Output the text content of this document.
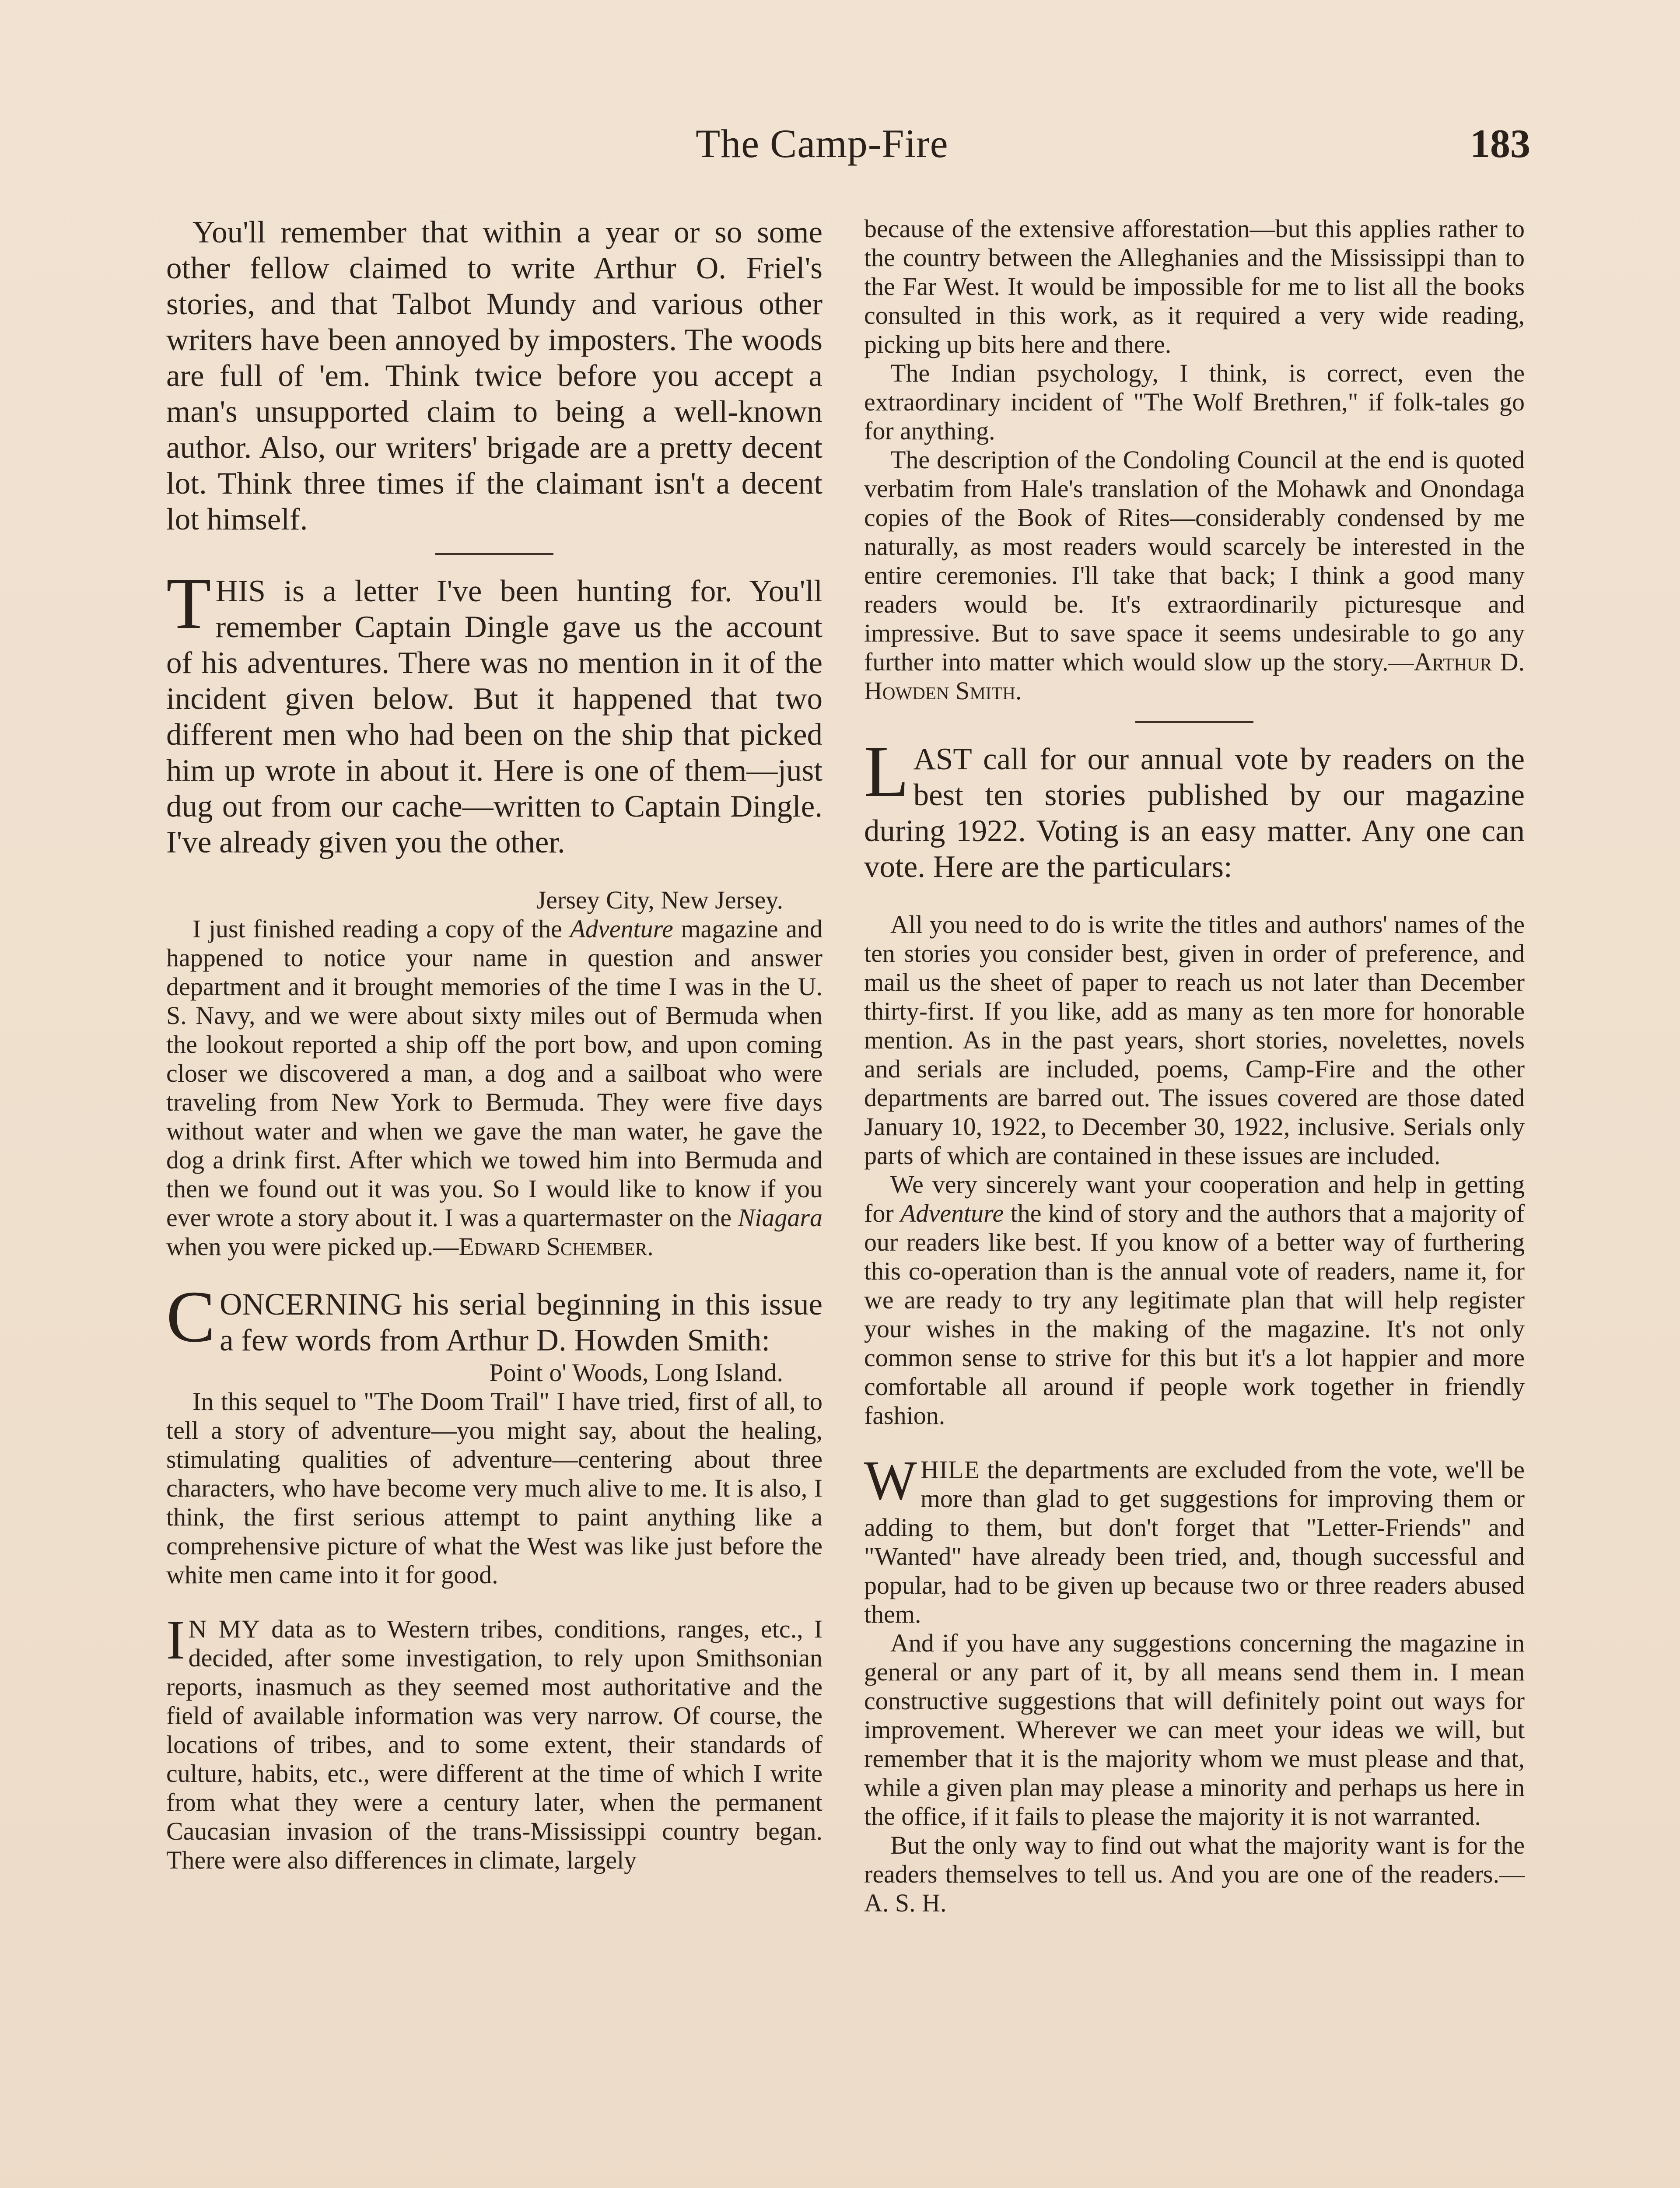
The Camp-Fire	183

You'll remember that within a year or so some other fellow claimed to write Arthur O. Friel's stories, and that Talbot Mundy and various other writers have been annoyed by imposters. The woods are full of 'em. Think twice before you accept a man's unsupported claim to being a well-known author. Also, our writers' brigade are a pretty decent lot. Think three times if the claimant isn't a decent lot himself.

THIS is a letter I've been hunting for. You'll remember Captain Dingle gave us the account of his adventures. There was no mention in it of the incident given below. But it happened that two different men who had been on the ship that picked him up wrote in about it. Here is one of them—just dug out from our cache—written to Captain Dingle. I've already given you the other.

Jersey City, New Jersey.

I just finished reading a copy of the Adventure magazine and happened to notice your name in question and answer department and it brought memories of the time I was in the U. S. Navy, and we were about sixty miles out of Bermuda when the lookout reported a ship off the port bow, and upon coming closer we discovered a man, a dog and a sailboat who were traveling from New York to Bermuda. They were five days without water and when we gave the man water, he gave the dog a drink first. After which we towed him into Bermuda and then we found out it was you. So I would like to know if you ever wrote a story about it. I was a quartermaster on the Niagara when you were picked up.—Edward Schember.

CONCERNING his serial beginning in this issue a few words from Arthur D. Howden Smith:

Point o' Woods, Long Island.

In this sequel to "The Doom Trail" I have tried, first of all, to tell a story of adventure—you might say, about the healing, stimulating qualities of adventure—centering about three characters, who have become very much alive to me. It is also, I think, the first serious attempt to paint anything like a comprehensive picture of what the West was like just before the white men came into it for good.

I N MY data as to Western tribes, conditions, ranges, etc., I decided, after some investigation, to rely upon Smithsonian reports, inasmuch as they seemed most authoritative and the field of available information was very narrow. Of course, the locations of tribes, and to some extent, their standards of culture, habits, etc., were different at the time of which I write from what they were a century later, when the permanent Caucasian invasion of the trans-Mississippi country began. There were also differences in climate, largely

because of the extensive afforestation—but this applies rather to the country between the Alleghanies and the Mississippi than to the Far West. It would be impossible for me to list all the books consulted in this work, as it required a very wide reading, picking up bits here and there.

The Indian psychology, I think, is correct, even the extraordinary incident of "The Wolf Brethren," if folk-tales go for anything.

The description of the Condoling Council at the end is quoted verbatim from Hale's translation of the Mohawk and Onondaga copies of the Book of Rites—considerably condensed by me naturally, as most readers would scarcely be interested in the entire ceremonies. I'll take that back; I think a good many readers would be. It's extraordinarily picturesque and impressive. But to save space it seems undesirable to go any further into matter which would slow up the story.—Arthur D. Howden Smith.

LAST call for our annual vote by readers on the best ten stories published by our magazine during 1922. Voting is an easy matter. Any one can vote. Here are the particulars:

All you need to do is write the titles and authors' names of the ten stories you consider best, given in order of preference, and mail us the sheet of paper to reach us not later than December thirty-first. If you like, add as many as ten more for honorable mention. As in the past years, short stories, novelettes, novels and serials are included, poems, Camp-Fire and the other departments are barred out. The issues covered are those dated January 10, 1922, to December 30, 1922, inclusive. Serials only parts of which are contained in these issues are included.

We very sincerely want your cooperation and help in getting for Adventure the kind of story and the authors that a majority of our readers like best. If you know of a better way of furthering this co-operation than is the annual vote of readers, name it, for we are ready to try any legitimate plan that will help register your wishes in the making of the magazine. It's not only common sense to strive for this but it's a lot happier and more comfortable all around if people work together in friendly fashion.

WHILE the departments are excluded from the vote, we'll be more than glad to get suggestions for improving them or adding to them, but don't forget that "Letter-Friends" and "Wanted" have already been tried, and, though successful and popular, had to be given up because two or three readers abused them.

And if you have any suggestions concerning the magazine in general or any part of it, by all means send them in. I mean constructive suggestions that will definitely point out ways for improvement. Wherever we can meet your ideas we will, but remember that it is the majority whom we must please and that, while a given plan may please a minority and perhaps us here in the office, if it fails to please the majority it is not warranted.

But the only way to find out what the majority want is for the readers themselves to tell us. And you are one of the readers.—A. S. H.
